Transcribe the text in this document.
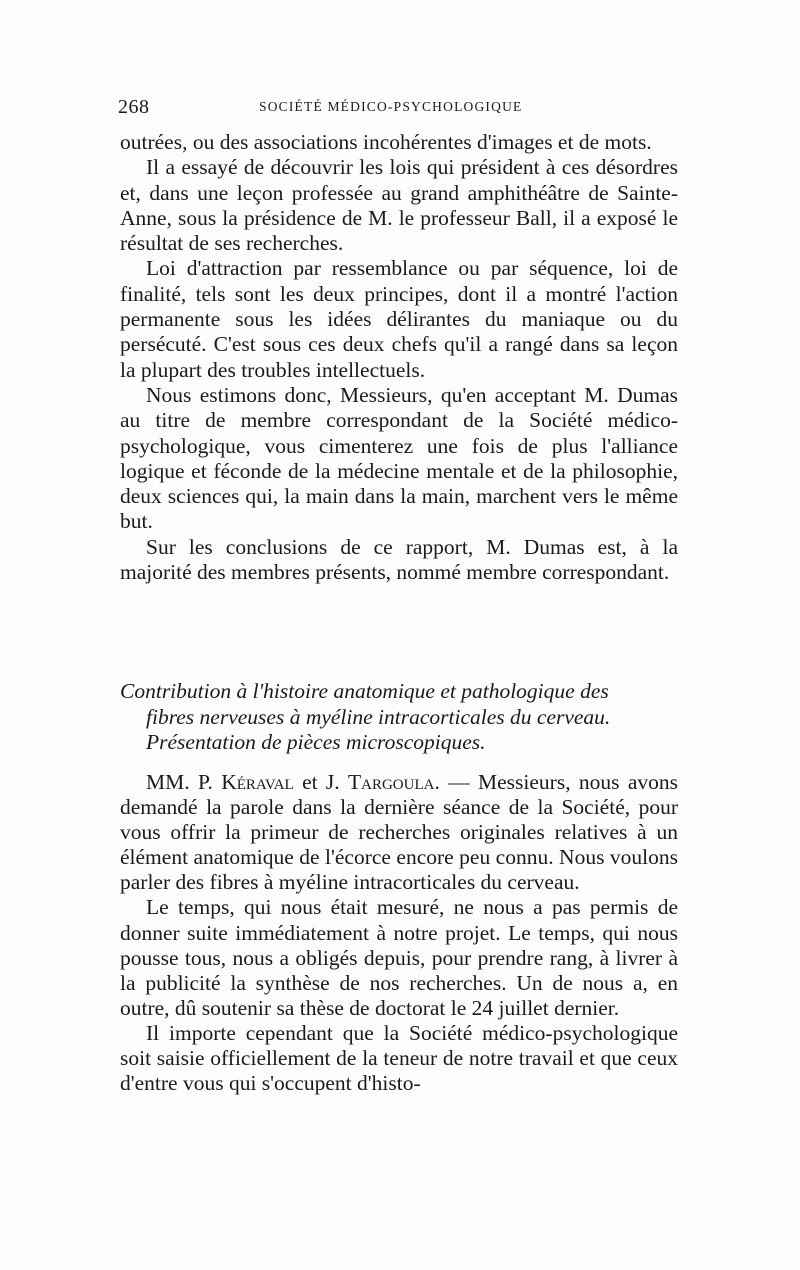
268	SOCIÉTÉ MÉDICO-PSYCHOLOGIQUE

outrées, ou des associations incohérentes d'images et de mots.

Il a essayé de découvrir les lois qui président à ces désordres et, dans une leçon professée au grand amphithéâtre de Sainte-Anne, sous la présidence de M. le professeur Ball, il a exposé le résultat de ses recherches.

Loi d'attraction par ressemblance ou par séquence, loi de finalité, tels sont les deux principes, dont il a montré l'action permanente sous les idées délirantes du maniaque ou du persécuté. C'est sous ces deux chefs qu'il a rangé dans sa leçon la plupart des troubles intellectuels.

Nous estimons donc, Messieurs, qu'en acceptant M. Dumas au titre de membre correspondant de la Société médico-psychologique, vous cimenterez une fois de plus l'alliance logique et féconde de la médecine mentale et de la philosophie, deux sciences qui, la main dans la main, marchent vers le même but.

Sur les conclusions de ce rapport, M. Dumas est, à la majorité des membres présents, nommé membre correspondant.

Contribution à l'histoire anatomique et pathologique des
fibres nerveuses à myéline intracorticales du cerveau.
Présentation de pièces microscopiques.

MM. P. Kéraval et J. Targoula. — Messieurs, nous avons demandé la parole dans la dernière séance de la Société, pour vous offrir la primeur de recherches originales relatives à un élément anatomique de l'écorce encore peu connu. Nous voulons parler des fibres à myéline intracorticales du cerveau.

Le temps, qui nous était mesuré, ne nous a pas permis de donner suite immédiatement à notre projet. Le temps, qui nous pousse tous, nous a obligés depuis, pour prendre rang, à livrer à la publicité la synthèse de nos recherches. Un de nous a, en outre, dû soutenir sa thèse de doctorat le 24 juillet dernier.

Il importe cependant que la Société médico-psychologique soit saisie officiellement de la teneur de notre travail et que ceux d'entre vous qui s'occupent d'histo-
